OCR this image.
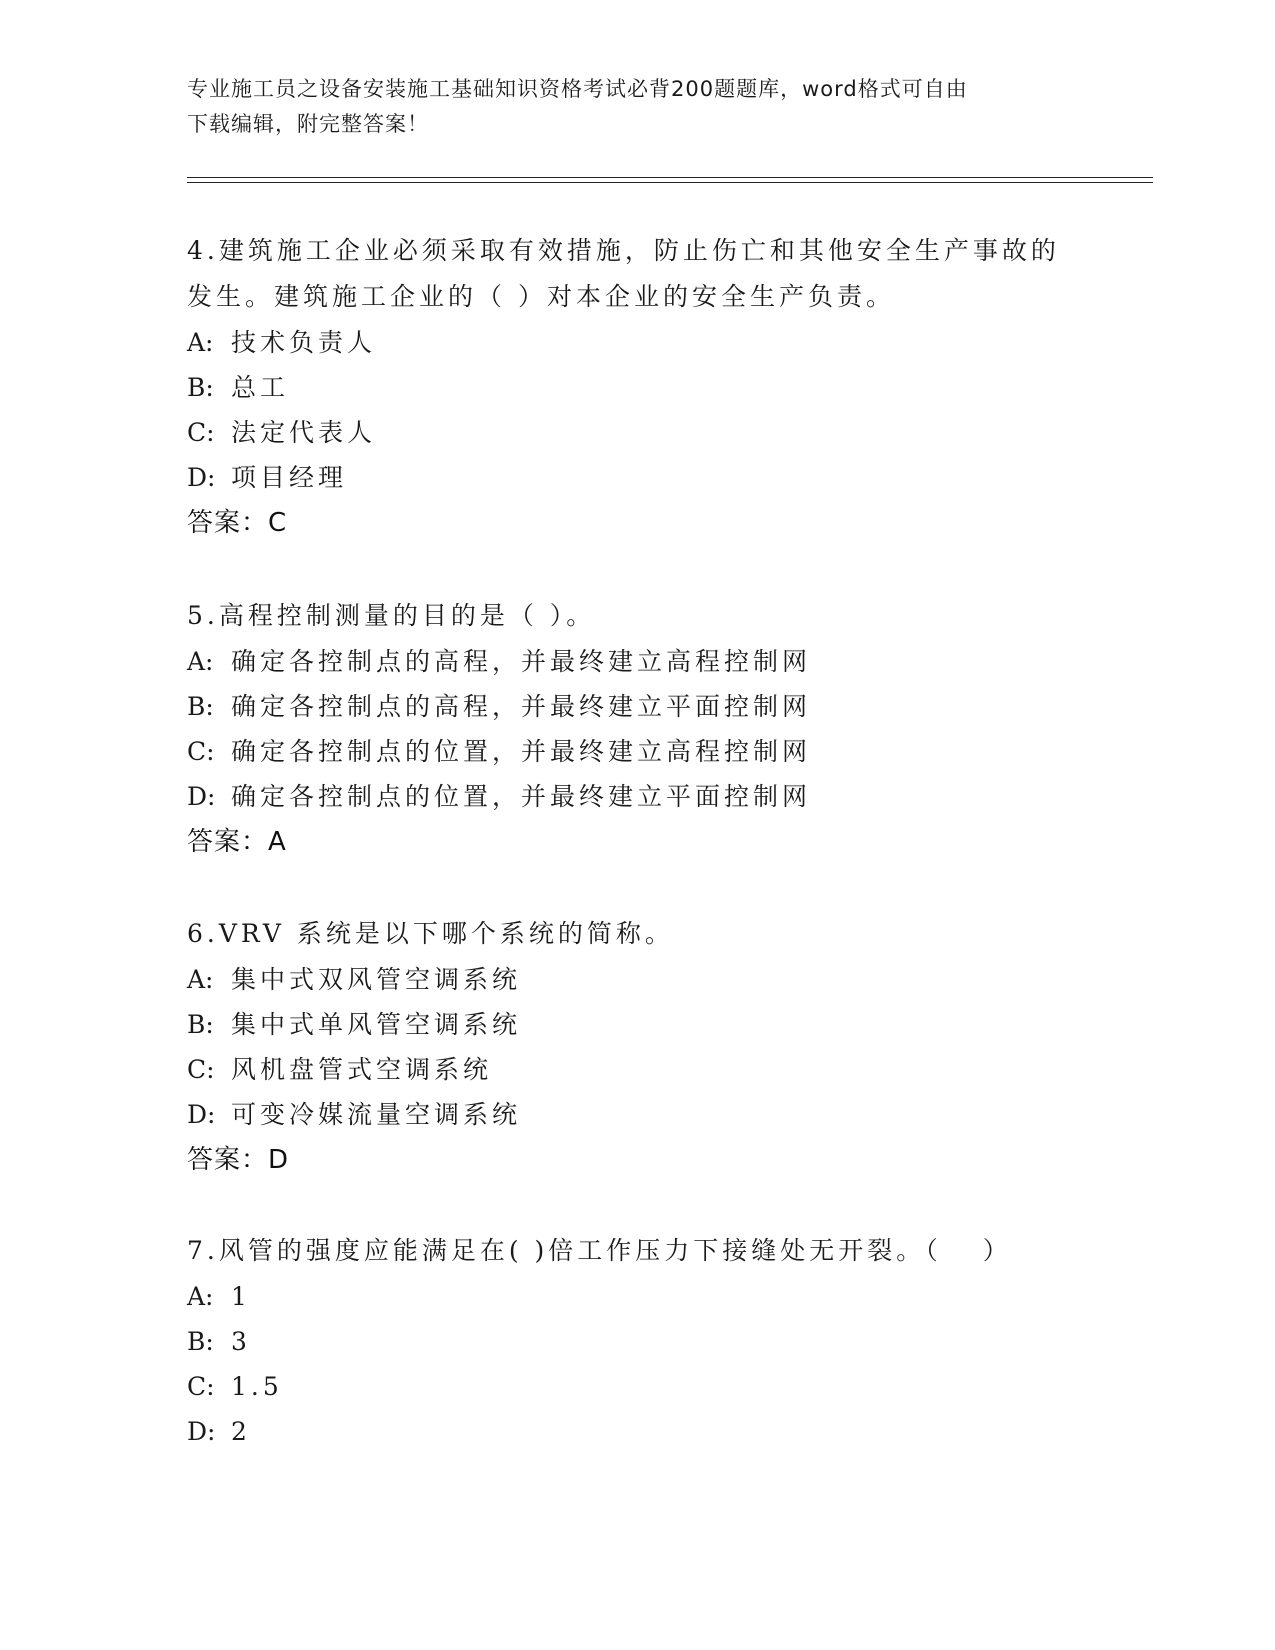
专业施工员之设备安装施工基础知识资格考试必背200题题库，word格式可自由
下载编辑，附完整答案！
4.建筑施工企业必须采取有效措施，防止伤亡和其他安全生产事故的
发生。建筑施工企业的（ ）对本企业的安全生产负责。
A: 技术负责人
B: 总工
C: 法定代表人
D: 项目经理
答案：C
5.高程控制测量的目的是（ ）。
A: 确定各控制点的高程，并最终建立高程控制网
B: 确定各控制点的高程，并最终建立平面控制网
C: 确定各控制点的位置，并最终建立高程控制网
D: 确定各控制点的位置，并最终建立平面控制网
答案：A
6.VRV 系统是以下哪个系统的简称。
A: 集中式双风管空调系统
B: 集中式单风管空调系统
C: 风机盘管式空调系统
D: 可变冷媒流量空调系统
答案：D
7.风管的强度应能满足在( )倍工作压力下接缝处无开裂。（　 ）
A: 1
B: 3
C: 1.5
D: 2
